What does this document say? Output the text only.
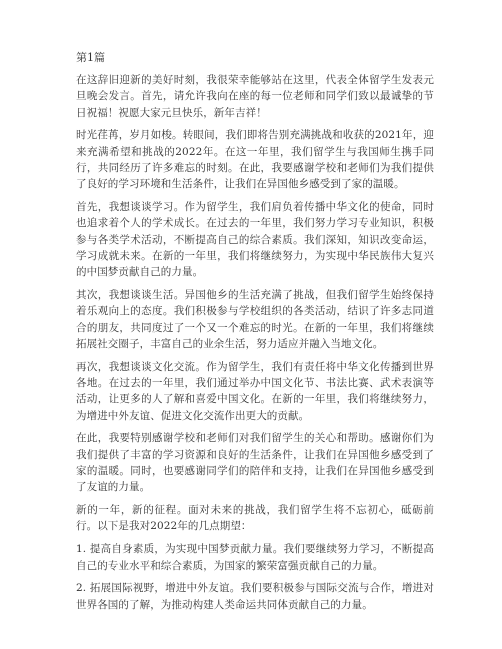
第1篇

在这辞旧迎新的美好时刻，我很荣幸能够站在这里，代表全体留学生发表元旦晚会发言。首先，请允许我向在座的每一位老师和同学们致以最诚挚的节日祝福！祝愿大家元旦快乐，新年吉祥！

时光荏苒，岁月如梭。转眼间，我们即将告别充满挑战和收获的2021年，迎来充满希望和挑战的2022年。在这一年里，我们留学生与我国师生携手同行，共同经历了许多难忘的时刻。在此，我要感谢学校和老师们为我们提供了良好的学习环境和生活条件，让我们在异国他乡感受到了家的温暖。

首先，我想谈谈学习。作为留学生，我们肩负着传播中华文化的使命，同时也追求着个人的学术成长。在过去的一年里，我们努力学习专业知识，积极参与各类学术活动，不断提高自己的综合素质。我们深知，知识改变命运，学习成就未来。在新的一年里，我们将继续努力，为实现中华民族伟大复兴的中国梦贡献自己的力量。

其次，我想谈谈生活。异国他乡的生活充满了挑战，但我们留学生始终保持着乐观向上的态度。我们积极参与学校组织的各类活动，结识了许多志同道合的朋友，共同度过了一个又一个难忘的时光。在新的一年里，我们将继续拓展社交圈子，丰富自己的业余生活，努力适应并融入当地文化。

再次，我想谈谈文化交流。作为留学生，我们有责任将中华文化传播到世界各地。在过去的一年里，我们通过举办中国文化节、书法比赛、武术表演等活动，让更多的人了解和喜爱中国文化。在新的一年里，我们将继续努力，为增进中外友谊、促进文化交流作出更大的贡献。

在此，我要特别感谢学校和老师们对我们留学生的关心和帮助。感谢你们为我们提供了丰富的学习资源和良好的生活条件，让我们在异国他乡感受到了家的温暖。同时，也要感谢同学们的陪伴和支持，让我们在异国他乡感受到了友谊的力量。

新的一年，新的征程。面对未来的挑战，我们留学生将不忘初心，砥砺前行。以下是我对2022年的几点期望：

1. 提高自身素质，为实现中国梦贡献力量。我们要继续努力学习，不断提高自己的专业水平和综合素质，为国家的繁荣富强贡献自己的力量。

2. 拓展国际视野，增进中外友谊。我们要积极参与国际交流与合作，增进对世界各国的了解，为推动构建人类命运共同体贡献自己的力量。
